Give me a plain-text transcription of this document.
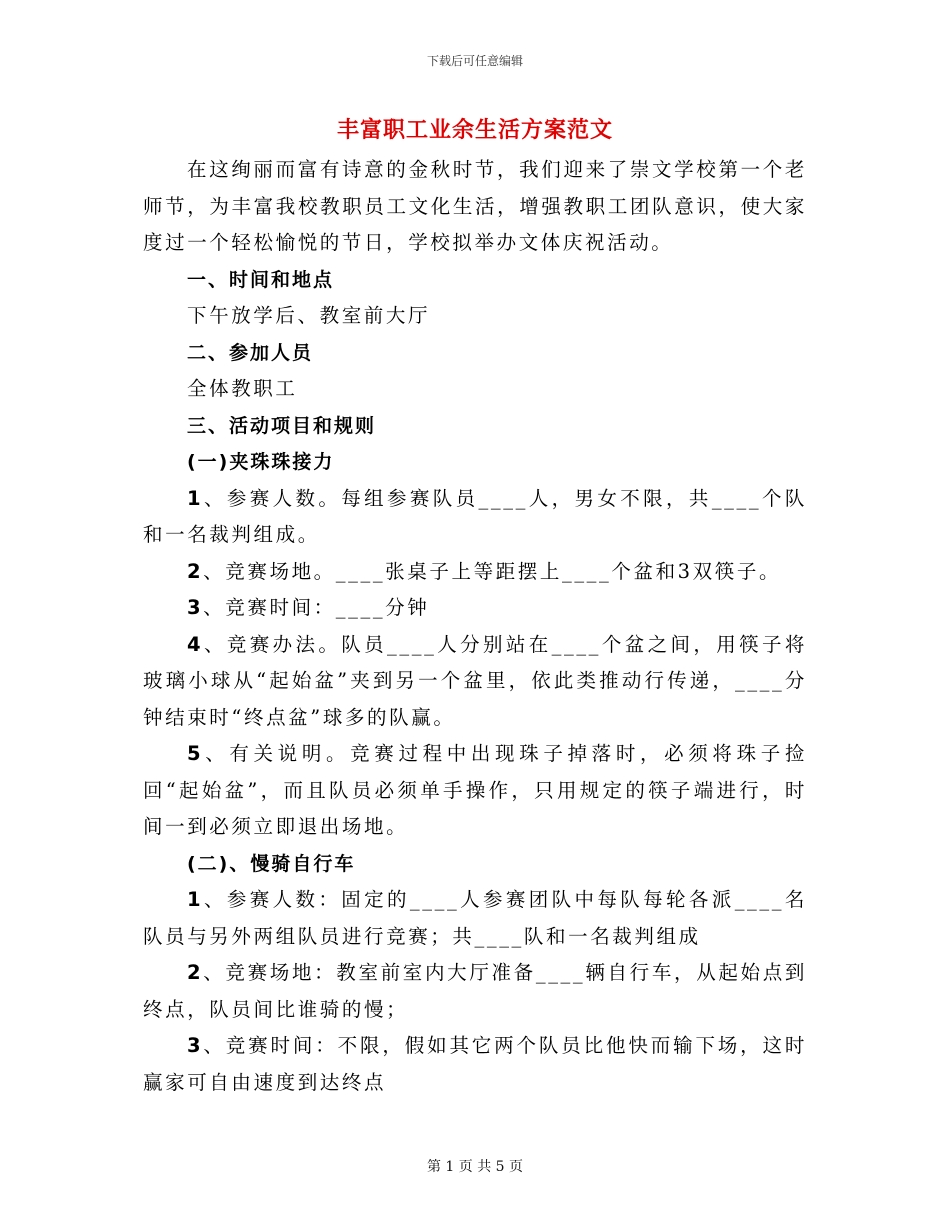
下载后可任意编辑
丰富职工业余生活方案范文

在这绚丽而富有诗意的金秋时节，我们迎来了崇文学校第一个老师节，为丰富我校教职员工文化生活，增强教职工团队意识，使大家度过一个轻松愉悦的节日，学校拟举办文体庆祝活动。

一、时间和地点

下午放学后、教室前大厅

二、参加人员

全体教职工

三、活动项目和规则

(一)夹珠珠接力

1、参赛人数。每组参赛队员____人，男女不限，共____个队和一名裁判组成。

2、竞赛场地。____张桌子上等距摆上____个盆和3双筷子。

3、竞赛时间：____分钟

4、竞赛办法。队员____人分别站在____个盆之间，用筷子将玻璃小球从“起始盆”夹到另一个盆里，依此类推动行传递，____分钟结束时“终点盆”球多的队赢。

5、有关说明。竞赛过程中出现珠子掉落时，必须将珠子捡回“起始盆”，而且队员必须单手操作，只用规定的筷子端进行，时间一到必须立即退出场地。

(二)、慢骑自行车

1、参赛人数：固定的____人参赛团队中每队每轮各派____名队员与另外两组队员进行竞赛；共____队和一名裁判组成

2、竞赛场地：教室前室内大厅准备____辆自行车，从起始点到终点，队员间比谁骑的慢；

3、竞赛时间：不限，假如其它两个队员比他快而输下场，这时赢家可自由速度到达终点

第 1 页 共 5 页
